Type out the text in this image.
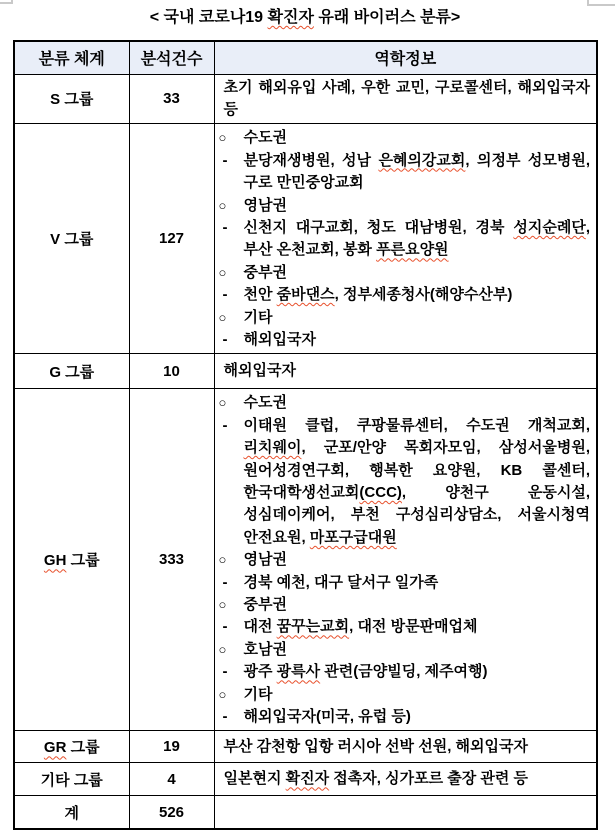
< 국내 코로나19 확진자 유래 바이러스 분류>
분류 체계	분석건수	역학정보
S 그룹	33	초기 해외유입 사례, 우한 교민, 구로콜센터, 해외입국자 등

V 그룹	127	
○ 수도권
- 분당재생병원, 성남 은혜의강교회, 의정부 성모병원, 구로 만민중앙교회
○ 영남권
- 신천지 대구교회, 청도 대남병원, 경북 성지순례단, 부산 온천교회, 봉화 푸른요양원
○ 중부권
- 천안 줌바댄스, 정부세종청사(해양수산부)
○ 기타
- 해외입국자

G 그룹	10	해외입국자

GH 그룹	333	
○ 수도권
- 이태원 클럽, 쿠팡물류센터, 수도권 개척교회, 리치웨이, 군포/안양 목회자모임, 삼성서울병원, 원어성경연구회, 행복한 요양원, KB 콜센터, 한국대학생선교회(CCC), 양천구 운동시설, 성심데이케어, 부천 구성심리상담소, 서울시청역 안전요원, 마포구급대원
○ 영남권
- 경북 예천, 대구 달서구 일가족
○ 중부권
- 대전 꿈꾸는교회, 대전 방문판매업체
○ 호남권
- 광주 광륵사 관련(금양빌딩, 제주여행)
○ 기타
- 해외입국자(미국, 유럽 등)

GR 그룹	19	부산 감천항 입항 러시아 선박 선원, 해외입국자

기타 그룹	4	일본현지 확진자 접촉자, 싱가포르 출장 관련 등

계	526	
